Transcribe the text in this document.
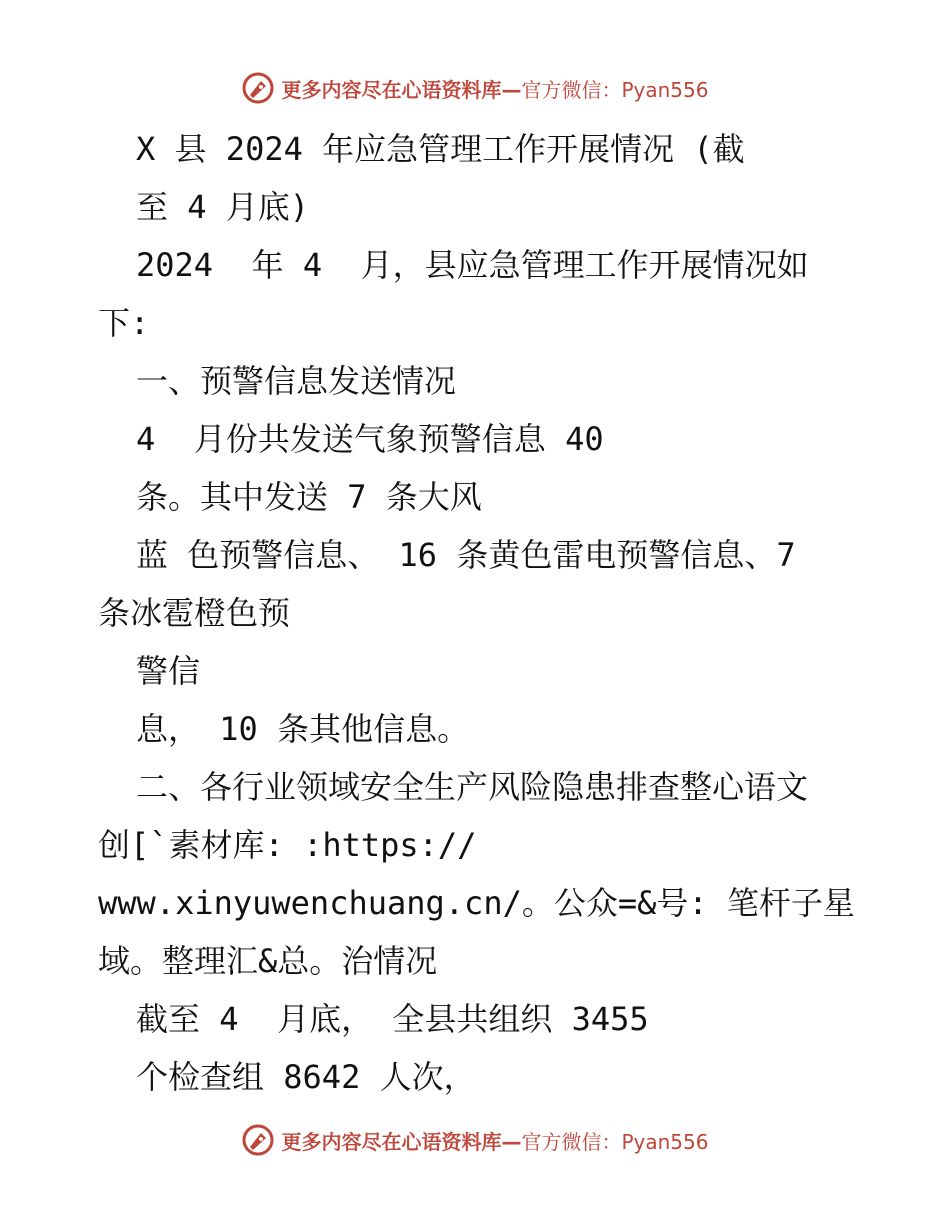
更多内容尽在心语资料库— 官方微信：Pyan556
X 县 2024 年应急管理工作开展情况 (截
至 4 月底)
2024  年 4  月，县应急管理工作开展情况如
下:
一、预警信息发送情况
4  月份共发送气象预警信息 40
条。其中发送 7 条大风
蓝 色预警信息、 16 条黄色雷电预警信息、7
条冰雹橙色预
警信
息， 10 条其他信息。
二、各行业领域安全生产风险隐患排查整心语文
创[`素材库: :https://
www.xinyuwenchuang.cn/。公众=&号: 笔杆子星
域。整理汇&总。治情况
截至 4  月底， 全县共组织 3455
个检查组 8642 人次，
更多内容尽在心语资料库— 官方微信：Pyan556
